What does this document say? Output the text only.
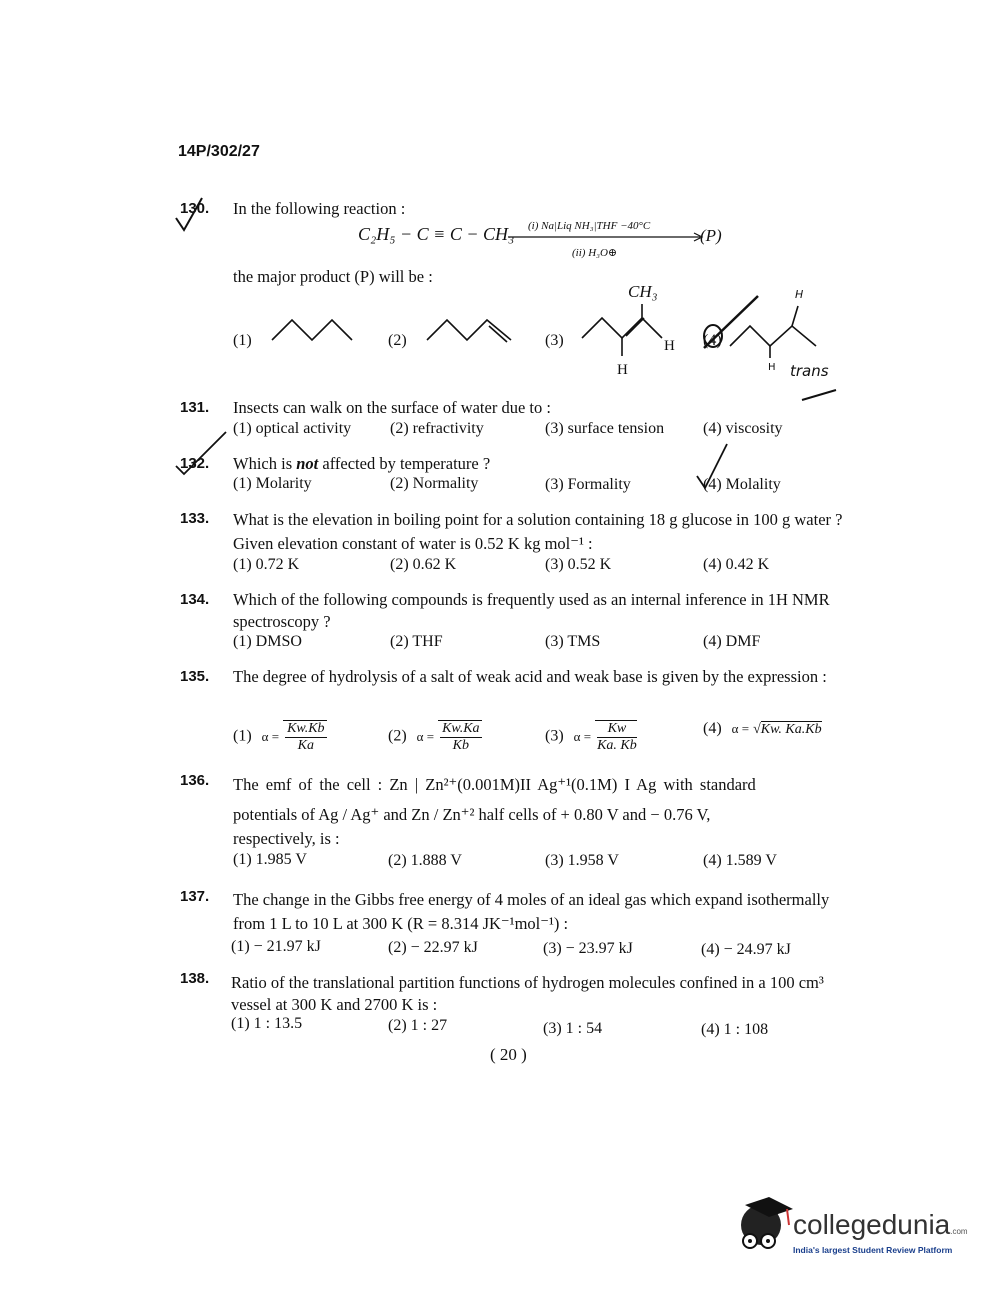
14P/302/27
130. In the following reaction :
C₂H₅ − C ≡ C − CH₃ (i) Na|Liq NH₃|THF −40°C
(ii) H₃O⊕
(P)
the major product (P) will be :
(1)	(2)	(3)
CH₃
H
H
(4)
H
H trans
131. Insects can walk on the surface of water due to :
(1) optical activity (2) refractivity	(3) surface tension (4) viscosity
132. Which is not affected by temperature ?
(1) Molarity	(2) Normality	(3) Formality	(4) Molality
133. What is the elevation in boiling point for a solution containing 18 g glucose in 100 g water ? Given elevation constant of water is 0.52 K kg mol⁻¹ :
(1) 0.72 K	(2) 0.62 K	(3) 0.52 K	(4) 0.42 K
134. Which of the following compounds is frequently used as an internal inference in 1H NMR spectroscopy ?
(1) DMSO	(2) THF	(3) TMS	(4) DMF
135. The degree of hydrolysis of a salt of weak acid and weak base is given by the expression :
(1) $\alpha = \frac{Kw.Kb}{Ka}$	(2) $\alpha = \frac{Kw.Ka}{Kb}$	(3) $\alpha = \frac{Kw}{Ka. Kb}$	(4) α = √Kw. Ka.Kb
136. The emf of the cell : Zn | Zn²⁺(0.001M)II Ag⁺¹(0.1M) I Ag with standard
potentials of Ag / Ag⁺ and Zn / Zn⁺² half cells of + 0.80 V and − 0.76 V,
respectively, is :
(1) 1.985 V	(2) 1.888 V	(3) 1.958 V	(4) 1.589 V
137. The change in the Gibbs free energy of 4 moles of an ideal gas which expand isothermally from 1 L to 10 L at 300 K (R = 8.314 JK⁻¹mol⁻¹) :
(1) − 21.97 kJ	(2) − 22.97 kJ	(3) − 23.97 kJ	(4) − 24.97 kJ
138. Ratio of the translational partition functions of hydrogen molecules confined in a 100 cm³ vessel at 300 K and 2700 K is :
(1) 1 : 13.5	(2) 1 : 27	(3) 1 : 54	(4) 1 : 108
( 20 )
collegedunia.com
India's largest Student Review Platform
